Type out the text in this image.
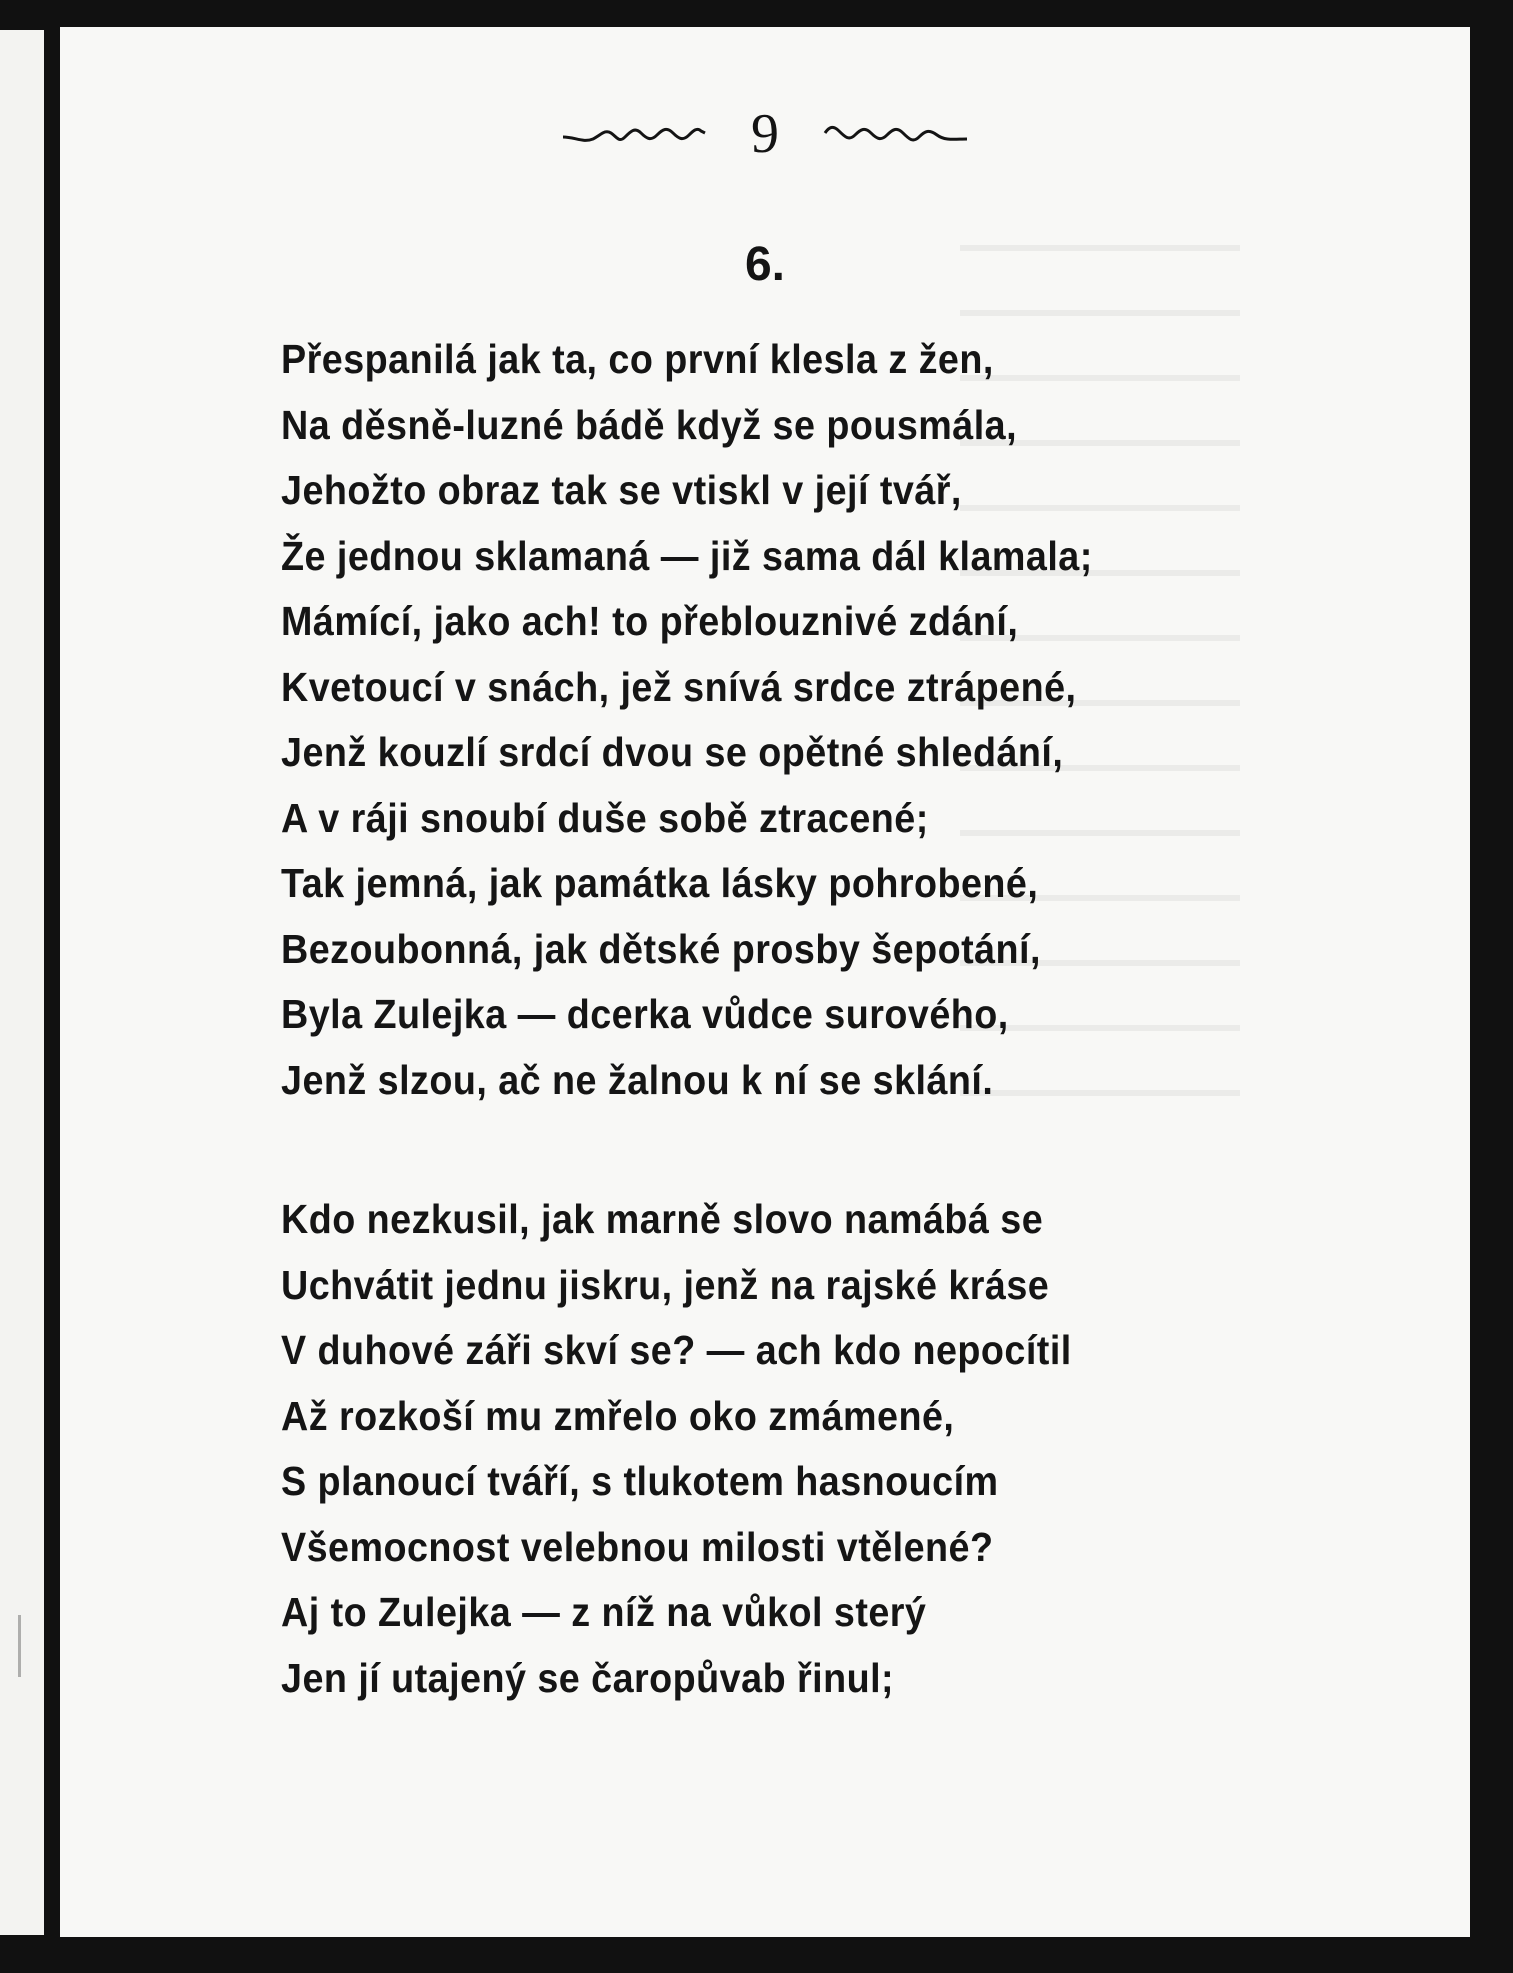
9
6.
Přespanilá jak ta, co první klesla z žen,
Na děsně-luzné bádě když se pousmála,
Jehožto obraz tak se vtiskl v její tvář,
Že jednou sklamaná — již sama dál klamala;
Mámící, jako ach! to přeblouznivé zdání,
Kvetoucí v snách, jež snívá srdce ztrápené,
Jenž kouzlí srdcí dvou se opětné shledání,
A v ráji snoubí duše sobě ztracené;
Tak jemná, jak památka lásky pohrobené,
Bezoubonná, jak dětské prosby šepotání,
Byla Zulejka — dcerka vůdce surového,
Jenž slzou, ač ne žalnou k ní se sklání.
Kdo nezkusil, jak marně slovo namábá se
Uchvátit jednu jiskru, jenž na rajské kráse
V duhové záři skví se? — ach kdo nepocítil
Až rozkoší mu zmřelo oko zmámené,
S planoucí tváří, s tlukotem hasnoucím
Všemocnost velebnou milosti vtělené?
Aj to Zulejka — z níž na vůkol sterý
Jen jí utajený se čaropůvab řinul;
